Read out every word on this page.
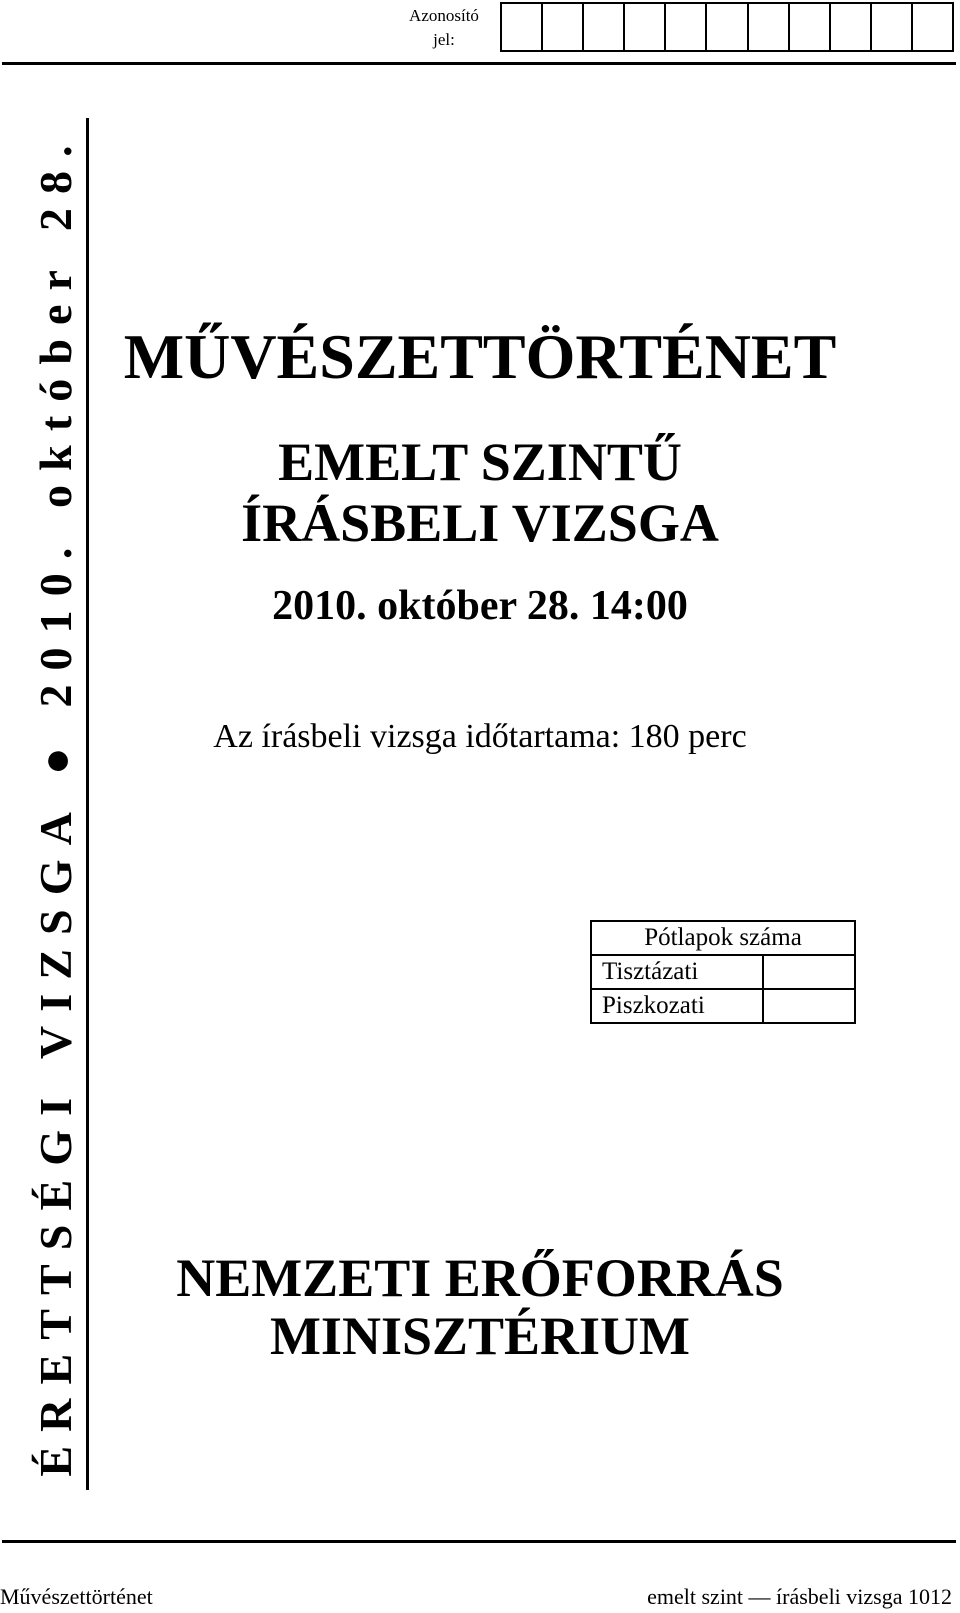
Azonosító
jel:
ÉRETTSÉGI VIZSGA ● 2010. október 28. MŰVÉSZETTÖRTÉNET
EMELT SZINTŰ
ÍRÁSBELI VIZSGA
2010. október 28. 14:00
Az írásbeli vizsga időtartama: 180 perc
Pótlapok száma	
Tisztázati	
Piszkozati	
NEMZETI ERŐFORRÁS
MINISZTÉRIUM
Művészettörténet	emelt szint — írásbeli vizsga 1012
